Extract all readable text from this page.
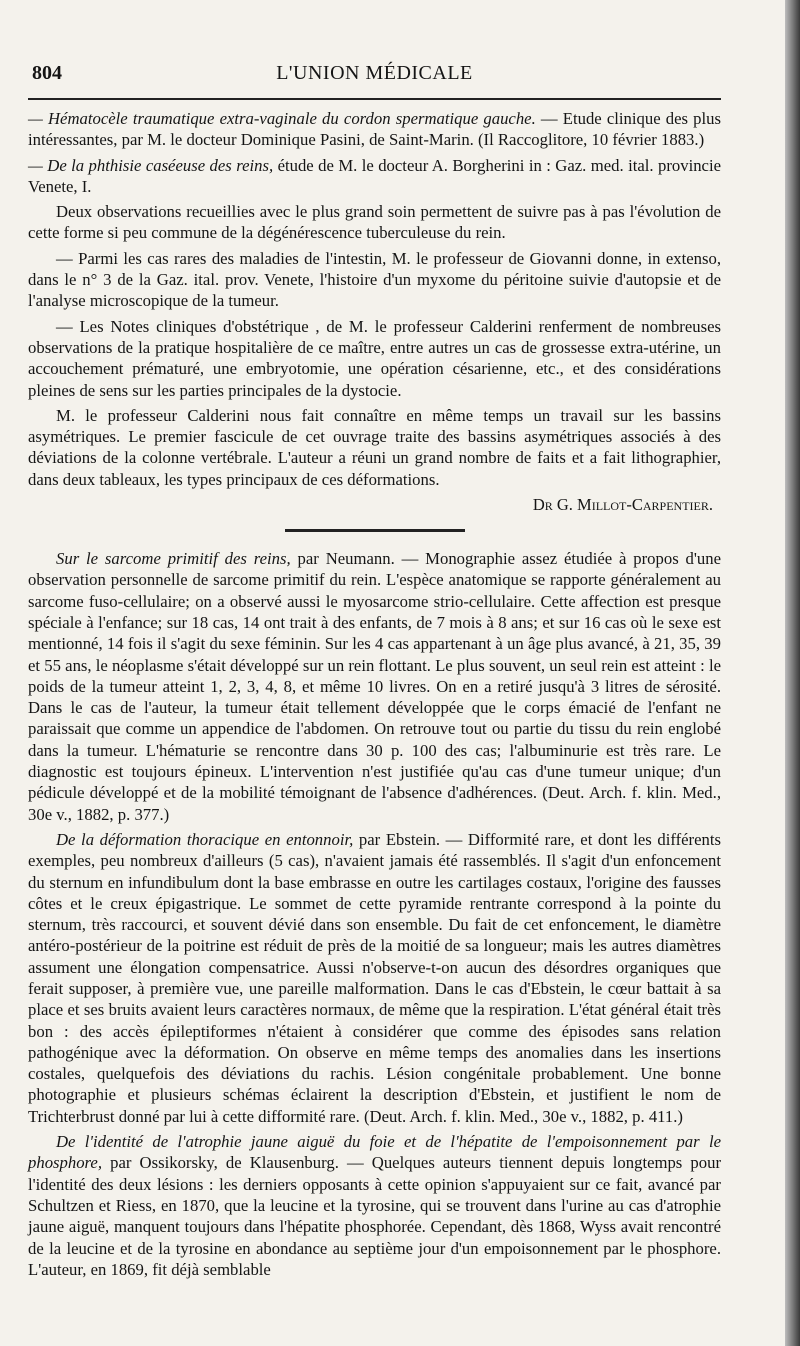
804	L'UNION MÉDICALE

— Hématocèle traumatique extra-vaginale du cordon spermatique gauche. — Etude clinique des plus intéressantes, par M. le docteur Dominique Pasini, de Saint-Marin. (Il Raccoglitore, 10 février 1883.)

— De la phthisie caséeuse des reins, étude de M. le docteur A. Borgherini in : Gaz. med. ital. provincie Venete, I.

Deux observations recueillies avec le plus grand soin permettent de suivre pas à pas l'évolution de cette forme si peu commune de la dégénérescence tuberculeuse du rein.

— Parmi les cas rares des maladies de l'intestin, M. le professeur de Giovanni donne, in extenso, dans le n° 3 de la Gaz. ital. prov. Venete, l'histoire d'un myxome du péritoine suivie d'autopsie et de l'analyse microscopique de la tumeur.

— Les Notes cliniques d'obstétrique , de M. le professeur Calderini renferment de nombreuses observations de la pratique hospitalière de ce maître, entre autres un cas de grossesse extra-utérine, un accouchement prématuré, une embryotomie, une opération césarienne, etc., et des considérations pleines de sens sur les parties principales de la dystocie.

M. le professeur Calderini nous fait connaître en même temps un travail sur les bassins asymétriques. Le premier fascicule de cet ouvrage traite des bassins asymétriques associés à des déviations de la colonne vertébrale. L'auteur a réuni un grand nombre de faits et a fait lithographier, dans deux tableaux, les types principaux de ces déformations.

Dr G. Millot-Carpentier.

Sur le sarcome primitif des reins, par Neumann. — Monographie assez étudiée à propos d'une observation personnelle de sarcome primitif du rein. L'espèce anatomique se rapporte généralement au sarcome fuso-cellulaire; on a observé aussi le myosarcome strio-cellulaire. Cette affection est presque spéciale à l'enfance; sur 18 cas, 14 ont trait à des enfants, de 7 mois à 8 ans; et sur 16 cas où le sexe est mentionné, 14 fois il s'agit du sexe féminin. Sur les 4 cas appartenant à un âge plus avancé, à 21, 35, 39 et 55 ans, le néoplasme s'était développé sur un rein flottant. Le plus souvent, un seul rein est atteint : le poids de la tumeur atteint 1, 2, 3, 4, 8, et même 10 livres. On en a retiré jusqu'à 3 litres de sérosité. Dans le cas de l'auteur, la tumeur était tellement développée que le corps émacié de l'enfant ne paraissait que comme un appendice de l'abdomen. On retrouve tout ou partie du tissu du rein englobé dans la tumeur. L'hématurie se rencontre dans 30 p. 100 des cas; l'albuminurie est très rare. Le diagnostic est toujours épineux. L'intervention n'est justifiée qu'au cas d'une tumeur unique; d'un pédicule développé et de la mobilité témoignant de l'absence d'adhérences. (Deut. Arch. f. klin. Med., 30e v., 1882, p. 377.)

De la déformation thoracique en entonnoir, par Ebstein. — Difformité rare, et dont les différents exemples, peu nombreux d'ailleurs (5 cas), n'avaient jamais été rassemblés. Il s'agit d'un enfoncement du sternum en infundibulum dont la base embrasse en outre les cartilages costaux, l'origine des fausses côtes et le creux épigastrique. Le sommet de cette pyramide rentrante correspond à la pointe du sternum, très raccourci, et souvent dévié dans son ensemble. Du fait de cet enfoncement, le diamètre antéro-postérieur de la poitrine est réduit de près de la moitié de sa longueur; mais les autres diamètres assument une élongation compensatrice. Aussi n'observe-t-on aucun des désordres organiques que ferait supposer, à première vue, une pareille malformation. Dans le cas d'Ebstein, le cœur battait à sa place et ses bruits avaient leurs caractères normaux, de même que la respiration. L'état général était très bon : des accès épileptiformes n'étaient à considérer que comme des épisodes sans relation pathogénique avec la déformation. On observe en même temps des anomalies dans les insertions costales, quelquefois des déviations du rachis. Lésion congénitale probablement. Une bonne photographie et plusieurs schémas éclairent la description d'Ebstein, et justifient le nom de Trichterbrust donné par lui à cette difformité rare. (Deut. Arch. f. klin. Med., 30e v., 1882, p. 411.)

De l'identité de l'atrophie jaune aiguë du foie et de l'hépatite de l'empoisonnement par le phosphore, par Ossikorsky, de Klausenburg. — Quelques auteurs tiennent depuis longtemps pour l'identité des deux lésions : les derniers opposants à cette opinion s'appuyaient sur ce fait, avancé par Schultzen et Riess, en 1870, que la leucine et la tyrosine, qui se trouvent dans l'urine au cas d'atrophie jaune aiguë, manquent toujours dans l'hépatite phosphorée. Cependant, dès 1868, Wyss avait rencontré de la leucine et de la tyrosine en abondance au septième jour d'un empoisonnement par le phosphore. L'auteur, en 1869, fit déjà semblable
